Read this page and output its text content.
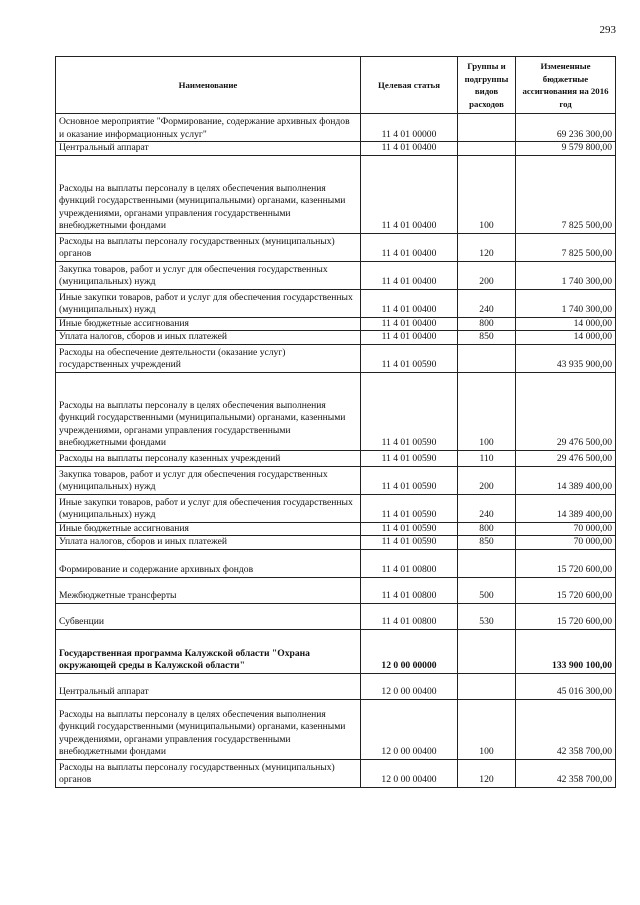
293
Наименование	Целевая статья	Группы и подгруппы видов расходов	Измененные бюджетные ассигнования на 2016 год
Основное мероприятие "Формирование, содержание архивных фондов и оказание информационных услуг"	11 4 01 00000		69 236 300,00
Центральный аппарат	11 4 01 00400		9 579 800,00
Расходы на выплаты персоналу в целях обеспечения выполнения функций государственными (муниципальными) органами, казенными учреждениями, органами управления государственными внебюджетными фондами	11 4 01 00400	100	7 825 500,00
Расходы на выплаты персоналу государственных (муниципальных) органов	11 4 01 00400	120	7 825 500,00
Закупка товаров, работ и услуг для обеспечения государственных (муниципальных) нужд	11 4 01 00400	200	1 740 300,00
Иные закупки товаров, работ и услуг для обеспечения государственных (муниципальных) нужд	11 4 01 00400	240	1 740 300,00
Иные бюджетные ассигнования	11 4 01 00400	800	14 000,00
Уплата налогов, сборов и иных платежей	11 4 01 00400	850	14 000,00
Расходы на обеспечение деятельности (оказание услуг) государственных учреждений	11 4 01 00590		43 935 900,00
Расходы на выплаты персоналу в целях обеспечения выполнения функций государственными (муниципальными) органами, казенными учреждениями, органами управления государственными внебюджетными фондами	11 4 01 00590	100	29 476 500,00
Расходы на выплаты персоналу казенных учреждений	11 4 01 00590	110	29 476 500,00
Закупка товаров, работ и услуг для обеспечения государственных (муниципальных) нужд	11 4 01 00590	200	14 389 400,00
Иные закупки товаров, работ и услуг для обеспечения государственных (муниципальных) нужд	11 4 01 00590	240	14 389 400,00
Иные бюджетные ассигнования	11 4 01 00590	800	70 000,00
Уплата налогов, сборов и иных платежей	11 4 01 00590	850	70 000,00
Формирование и содержание архивных фондов	11 4 01 00800		15 720 600,00
Межбюджетные трансферты	11 4 01 00800	500	15 720 600,00
Субвенции	11 4 01 00800	530	15 720 600,00
Государственная программа Калужской области "Охрана окружающей среды в Калужской области"	12 0 00 00000		133 900 100,00
Центральный аппарат	12 0 00 00400		45 016 300,00
Расходы на выплаты персоналу в целях обеспечения выполнения функций государственными (муниципальными) органами, казенными учреждениями, органами управления государственными внебюджетными фондами	12 0 00 00400	100	42 358 700,00
Расходы на выплаты персоналу государственных (муниципальных) органов	12 0 00 00400	120	42 358 700,00
